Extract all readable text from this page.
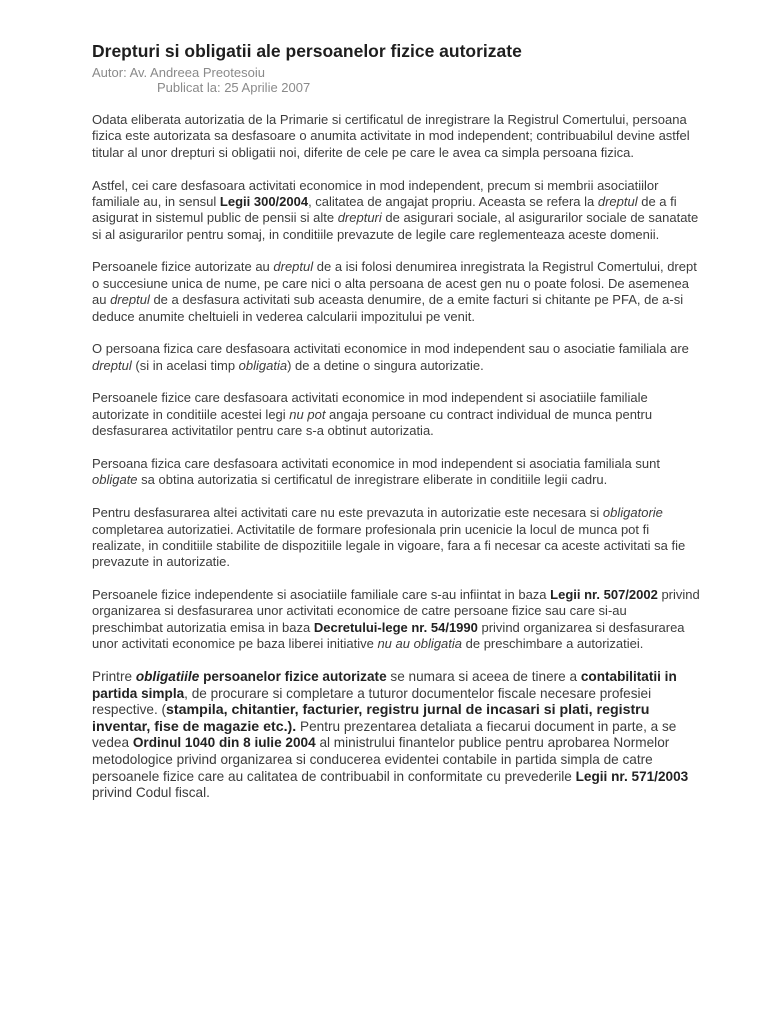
Drepturi si obligatii ale persoanelor fizice autorizate
Autor: Av. Andreea Preotesoiu
Publicat la: 25 Aprilie 2007

Odata eliberata autorizatia de la Primarie si certificatul de inregistrare la Registrul Comertului, persoana fizica este autorizata sa desfasoare o anumita activitate in mod independent; contribuabilul devine astfel titular al unor drepturi si obligatii noi, diferite de cele pe care le avea ca simpla persoana fizica.

Astfel, cei care desfasoara activitati economice in mod independent, precum si membrii asociatiilor familiale au, in sensul Legii 300/2004, calitatea de angajat propriu. Aceasta se refera la dreptul de a fi asigurat in sistemul public de pensii si alte drepturi de asigurari sociale, al asigurarilor sociale de sanatate si al asigurarilor pentru somaj, in conditiile prevazute de legile care reglementeaza aceste domenii.

Persoanele fizice autorizate au dreptul de a isi folosi denumirea inregistrata la Registrul Comertului, drept o succesiune unica de nume, pe care nici o alta persoana de acest gen nu o poate folosi. De asemenea au dreptul de a desfasura activitati sub aceasta denumire, de a emite facturi si chitante pe PFA, de a-si deduce anumite cheltuieli in vederea calcularii impozitului pe venit.

O persoana fizica care desfasoara activitati economice in mod independent sau o asociatie familiala are dreptul (si in acelasi timp obligatia) de a detine o singura autorizatie.

Persoanele fizice care desfasoara activitati economice in mod independent si asociatiile familiale autorizate in conditiile acestei legi nu pot angaja persoane cu contract individual de munca pentru desfasurarea activitatilor pentru care s-a obtinut autorizatia.

Persoana fizica care desfasoara activitati economice in mod independent si asociatia familiala sunt obligate sa obtina autorizatia si certificatul de inregistrare eliberate in conditiile legii cadru.

Pentru desfasurarea altei activitati care nu este prevazuta in autorizatie este necesara si obligatorie completarea autorizatiei. Activitatile de formare profesionala prin ucenicie la locul de munca pot fi realizate, in conditiile stabilite de dispozitiile legale in vigoare, fara a fi necesar ca aceste activitati sa fie prevazute in autorizatie.

Persoanele fizice independente si asociatiile familiale care s-au infiintat in baza Legii nr. 507/2002 privind organizarea si desfasurarea unor activitati economice de catre persoane fizice sau care si-au preschimbat autorizatia emisa in baza Decretului-lege nr. 54/1990 privind organizarea si desfasurarea unor activitati economice pe baza liberei initiative nu au obligatia de preschimbare a autorizatiei.

Printre obligatiile persoanelor fizice autorizate se numara si aceea de tinere a contabilitatii in partida simpla, de procurare si completare a tuturor documentelor fiscale necesare profesiei respective. (stampila, chitantier, facturier, registru jurnal de incasari si plati, registru inventar, fise de magazie etc.). Pentru prezentarea detaliata a fiecarui document in parte, a se vedea Ordinul 1040 din 8 iulie 2004 al ministrului finantelor publice pentru aprobarea Normelor metodologice privind organizarea si conducerea evidentei contabile in partida simpla de catre persoanele fizice care au calitatea de contribuabil in conformitate cu prevederile Legii nr. 571/2003 privind Codul fiscal.
